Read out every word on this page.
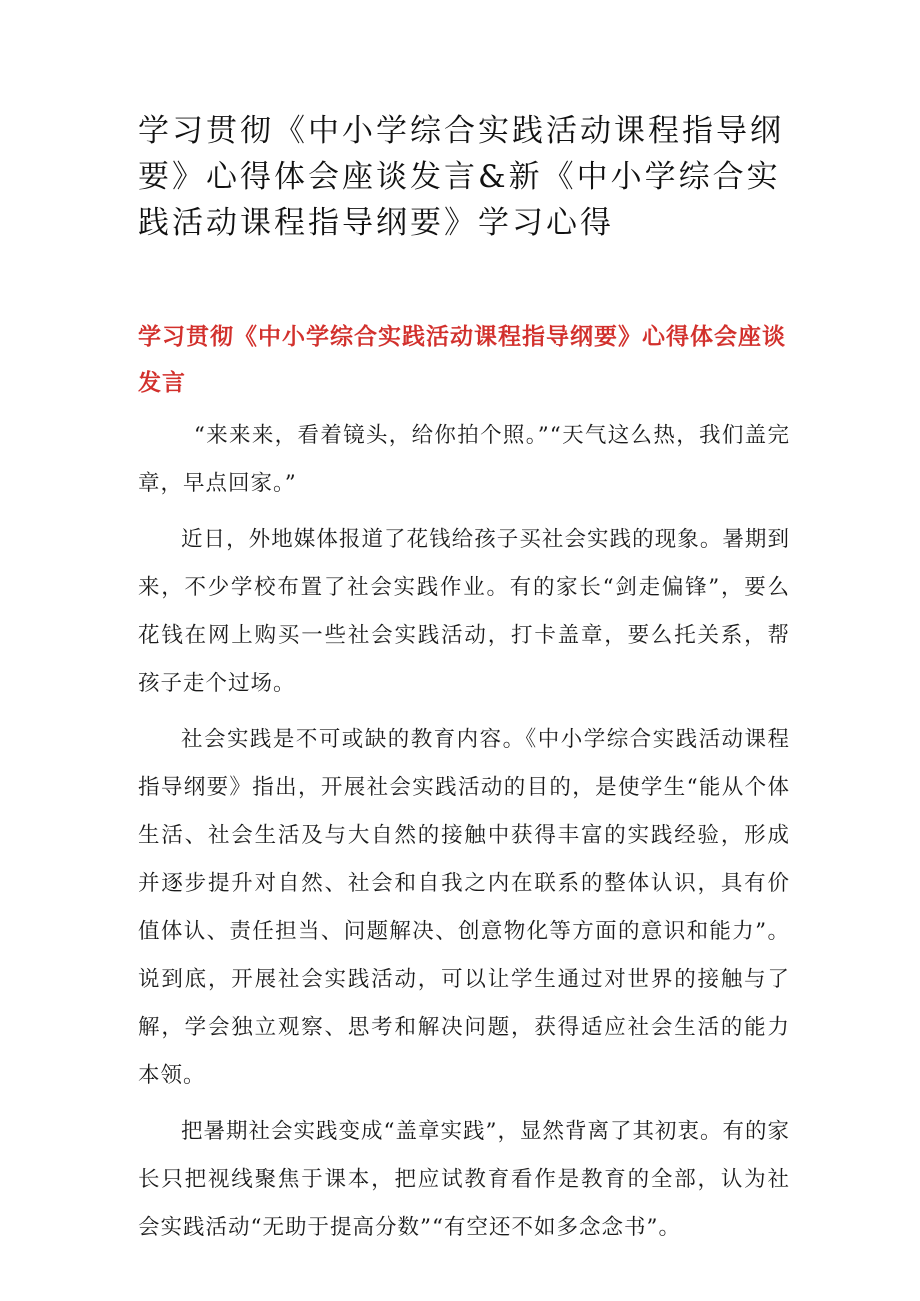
学习贯彻《中小学综合实践活动课程指导纲要》心得体会座谈发言&新《中小学综合实践活动课程指导纲要》学习心得
学习贯彻《中小学综合实践活动课程指导纲要》心得体会座谈发言

“来来来，看着镜头，给你拍个照。”“天气这么热，我们盖完章，早点回家。”

近日，外地媒体报道了花钱给孩子买社会实践的现象。暑期到来，不少学校布置了社会实践作业。有的家长“剑走偏锋”，要么花钱在网上购买一些社会实践活动，打卡盖章，要么托关系，帮孩子走个过场。

社会实践是不可或缺的教育内容。《中小学综合实践活动课程指导纲要》指出，开展社会实践活动的目的，是使学生“能从个体生活、社会生活及与大自然的接触中获得丰富的实践经验，形成并逐步提升对自然、社会和自我之内在联系的整体认识，具有价值体认、责任担当、问题解决、创意物化等方面的意识和能力”。说到底，开展社会实践活动，可以让学生通过对世界的接触与了解，学会独立观察、思考和解决问题，获得适应社会生活的能力本领。

把暑期社会实践变成“盖章实践”，显然背离了其初衷。有的家长只把视线聚焦于课本，把应试教育看作是教育的全部，认为社会实践活动“无助于提高分数”“有空还不如多念念书”。
